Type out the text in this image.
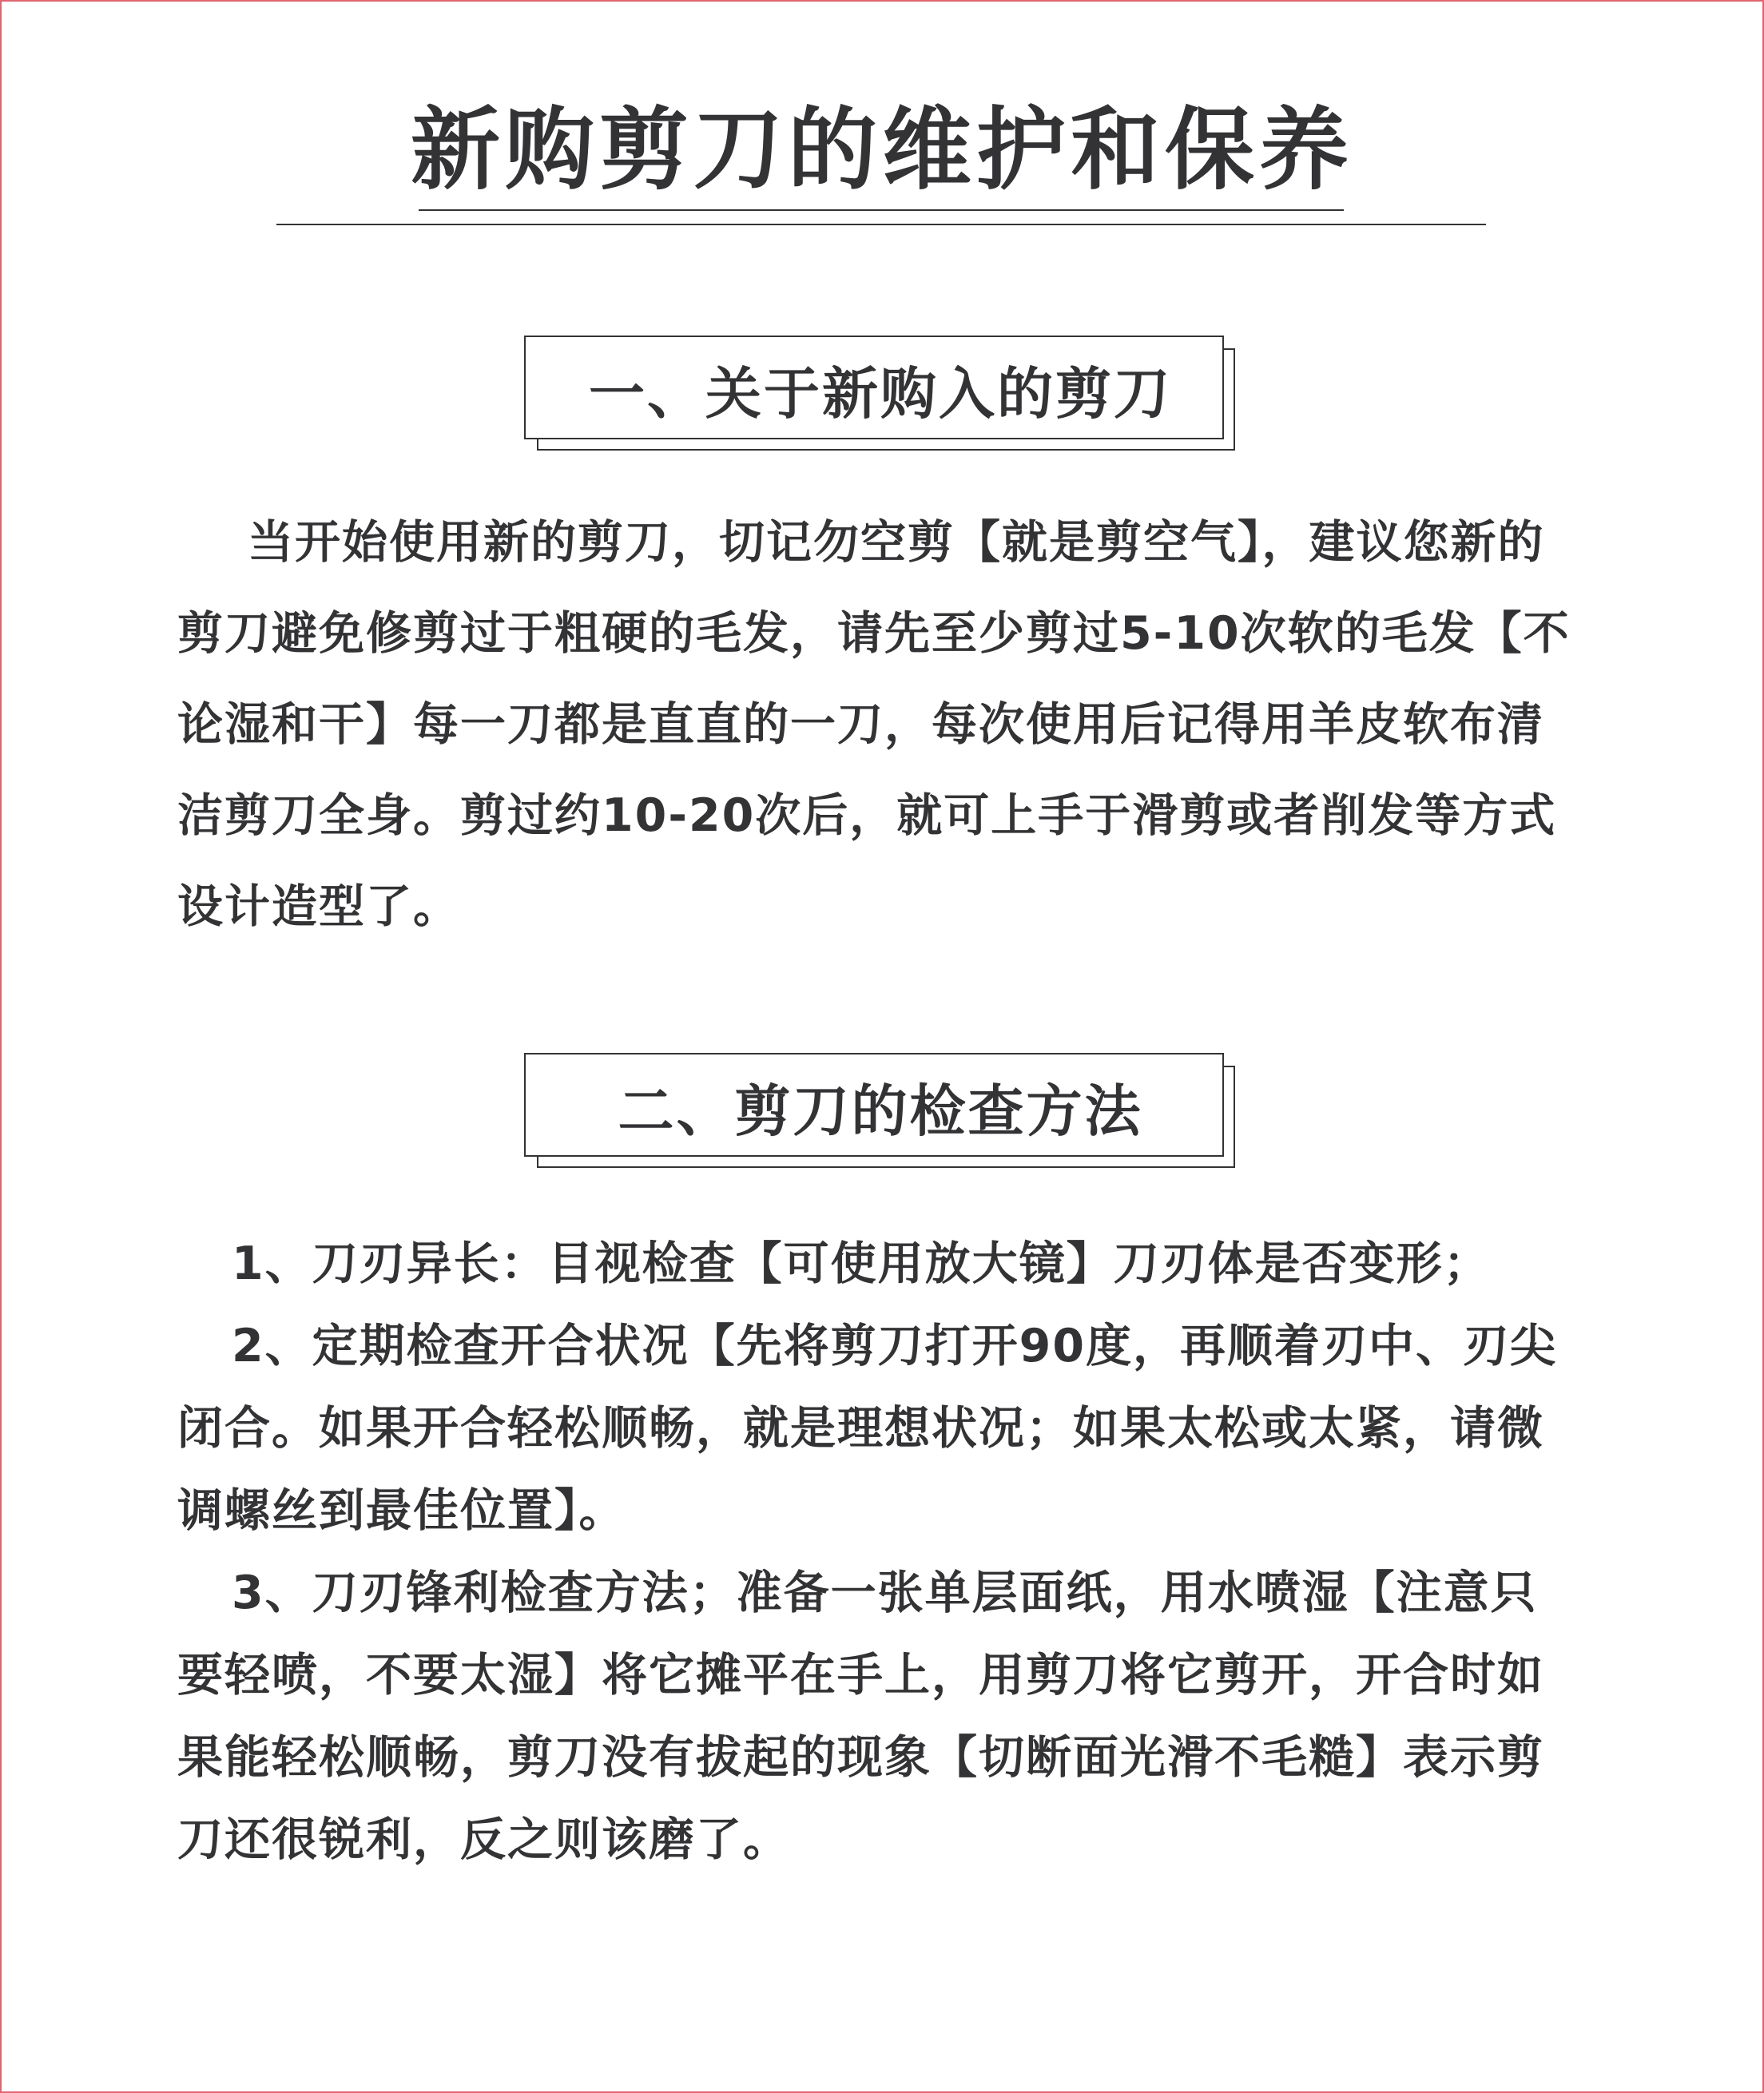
新购剪刀的维护和保养
一、关于新购入的剪刀

当开始使用新的剪刀，切记勿空剪【就是剪空气】，建议您新的剪刀避免修剪过于粗硬的毛发，请先至少剪过5-10次软的毛发【不论湿和干】每一刀都是直直的一刀，每次使用后记得用羊皮软布清洁剪刀全身。剪过约10-20次后，就可上手于滑剪或者削发等方式设计造型了。

二、剪刀的检查方法

1、刀刃异长：目视检查【可使用放大镜】刀刃体是否变形；

2、定期检查开合状况【先将剪刀打开90度，再顺着刃中、刃尖闭合。如果开合轻松顺畅，就是理想状况；如果太松或太紧，请微调螺丝到最佳位置】。

3、刀刃锋利检查方法；准备一张单层面纸，用水喷湿【注意只要轻喷，不要太湿】将它摊平在手上，用剪刀将它剪开，开合时如果能轻松顺畅，剪刀没有拔起的现象【切断面光滑不毛糙】表示剪刀还很锐利，反之则该磨了。
